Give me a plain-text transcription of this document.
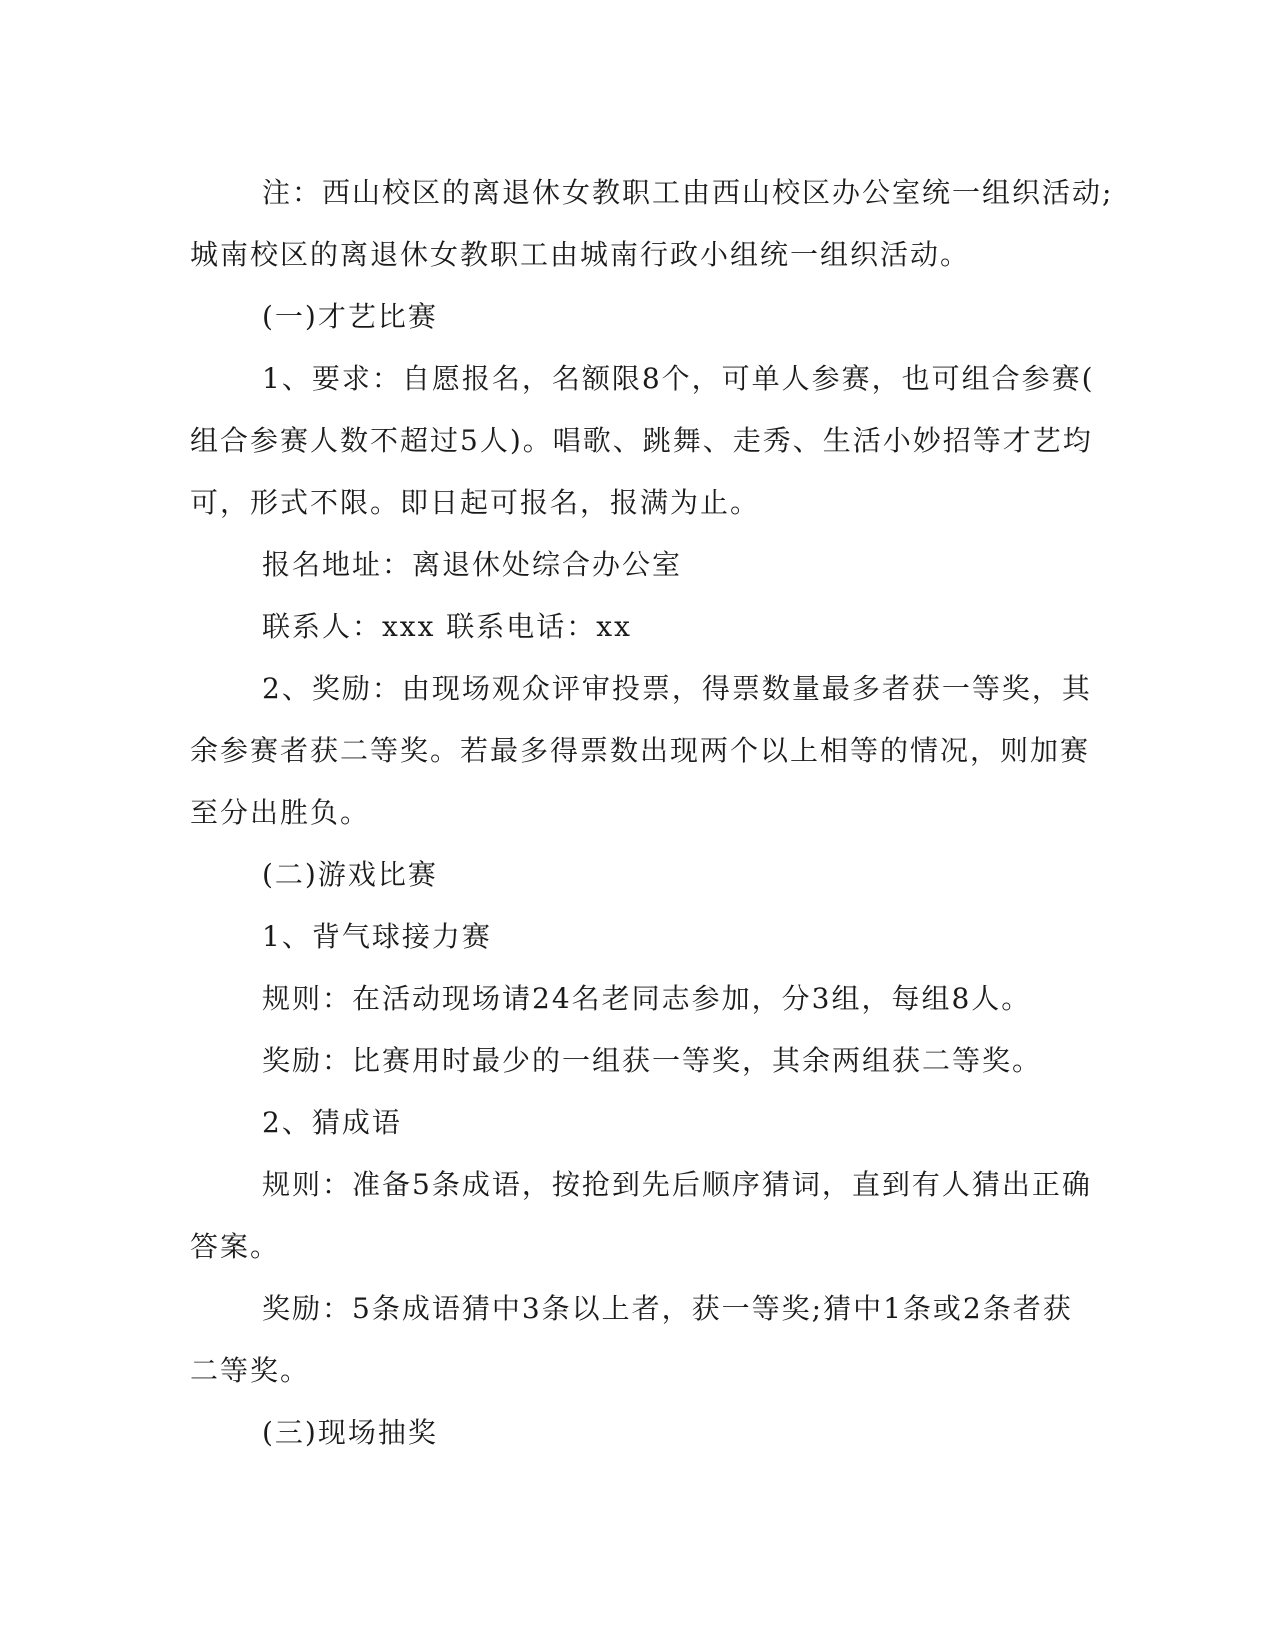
注：西山校区的离退休女教职工由西山校区办公室统一组织活动;
城南校区的离退休女教职工由城南行政小组统一组织活动。
(一)才艺比赛
1、要求：自愿报名，名额限8个，可单人参赛，也可组合参赛(
组合参赛人数不超过5人)。唱歌、跳舞、走秀、生活小妙招等才艺均
可，形式不限。即日起可报名，报满为止。
报名地址：离退休处综合办公室
联系人：xxx 联系电话：xx
2、奖励：由现场观众评审投票，得票数量最多者获一等奖，其
余参赛者获二等奖。若最多得票数出现两个以上相等的情况，则加赛
至分出胜负。
(二)游戏比赛
1、背气球接力赛
规则：在活动现场请24名老同志参加，分3组，每组8人。
奖励：比赛用时最少的一组获一等奖，其余两组获二等奖。
2、猜成语
规则：准备5条成语，按抢到先后顺序猜词，直到有人猜出正确
答案。
奖励：5条成语猜中3条以上者，获一等奖;猜中1条或2条者获
二等奖。
(三)现场抽奖
